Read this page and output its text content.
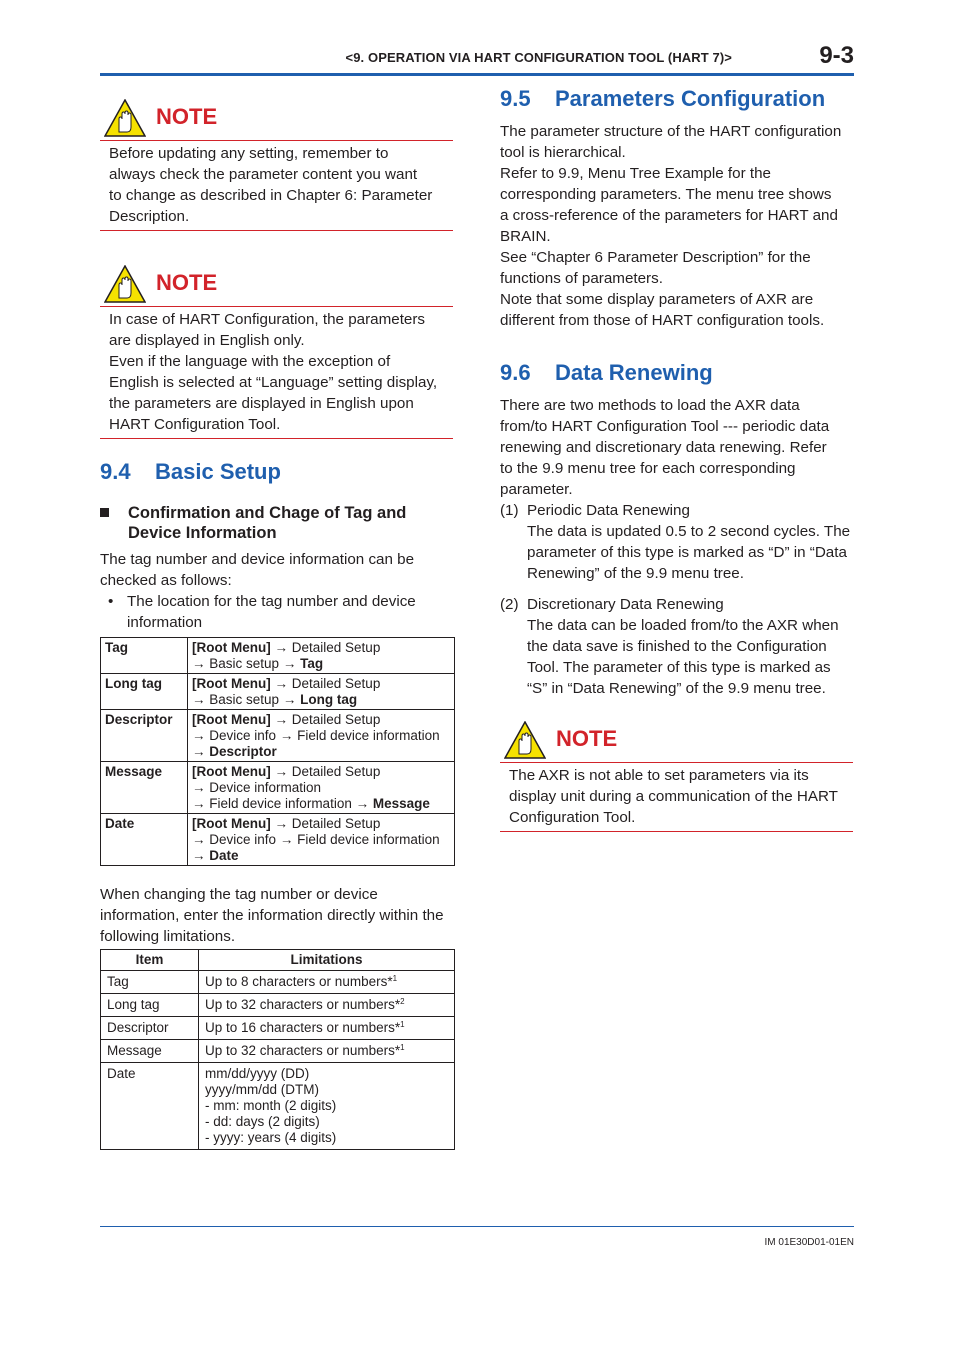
<9. OPERATION VIA HART CONFIGURATION TOOL (HART 7)>	9-3
NOTE
Before updating any setting, remember to
always check the parameter content you want
to change as described in Chapter 6: Parameter
Description.
NOTE
In case of HART Configuration, the parameters
are displayed in English only.
Even if the language with the exception of
English is selected at “Language” setting display,
the parameters are displayed in English upon
HART Configuration Tool.
9.4 Basic Setup
Confirmation and Chage of Tag and
Device Information
The tag number and device information can be
checked as follows:
• The location for the tag number and device
information
Tag	[Root Menu] → Detailed Setup
→ Basic setup → Tag

Long tag	[Root Menu] → Detailed Setup
→ Basic setup → Long tag

Descriptor	[Root Menu] → Detailed Setup
→ Device info → Field device information
→ Descriptor

Message	[Root Menu] → Detailed Setup
→ Device information
→ Field device information → Message

Date	[Root Menu] → Detailed Setup
→ Device info → Field device information
→ Date
When changing the tag number or device
information, enter the information directly within the
following limitations.
Item	Limitations
Tag	Up to 8 characters or numbers*$^1$
Long tag	Up to 32 characters or numbers*$^2$
Descriptor	Up to 16 characters or numbers*$^1$
Message	Up to 32 characters or numbers*$^1$
Date	mm/dd/yyyy (DD)
yyyy/mm/dd (DTM)
- mm: month (2 digits)
- dd: days (2 digits)
- yyyy: years (4 digits)
9.5 Parameters Configuration
The parameter structure of the HART configuration
tool is hierarchical.
Refer to 9.9, Menu Tree Example for the
corresponding parameters. The menu tree shows
a cross-reference of the parameters for HART and
BRAIN.
See “Chapter 6 Parameter Description” for the
functions of parameters.
Note that some display parameters of AXR are
different from those of HART configuration tools.
9.6 Data Renewing
There are two methods to load the AXR data
from/to HART Configuration Tool --- periodic data
renewing and discretionary data renewing. Refer
to the 9.9 menu tree for each corresponding
parameter.
(1) Periodic Data Renewing
The data is updated 0.5 to 2 second cycles. The
parameter of this type is marked as “D” in “Data
Renewing” of the 9.9 menu tree.
(2) Discretionary Data Renewing
The data can be loaded from/to the AXR when
the data save is finished to the Configuration
Tool. The parameter of this type is marked as
“S” in “Data Renewing” of the 9.9 menu tree.
NOTE
The AXR is not able to set parameters via its
display unit during a communication of the HART
Configuration Tool.
IM 01E30D01-01EN
